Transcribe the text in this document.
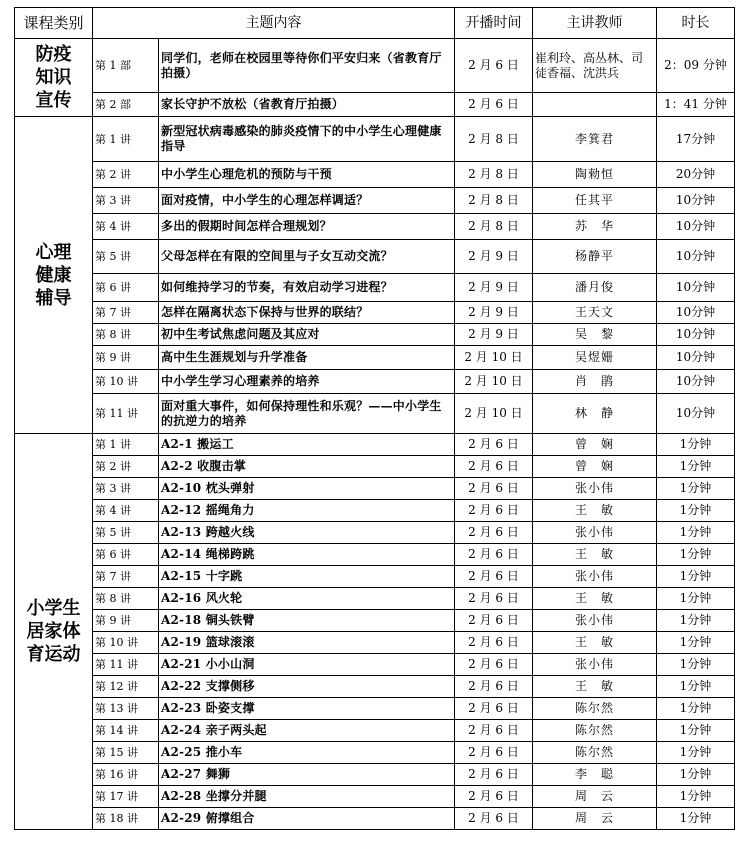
课程类别	主题内容		开播时间	主讲教师	时长

防疫知识宣传	第 1 部	同学们，老师在校园里等待你们平安归来（省教育厅拍摄）	2 月 6 日	崔利玲、高丛林、司徒香福、沈洪兵	2：09 分钟
	第 2 部	家长守护不放松（省教育厅拍摄）	2 月 6 日		1：41 分钟

心理健康辅导	第 1 讲	新型冠状病毒感染的肺炎疫情下的中小学生心理健康指导	2 月 8 日	李箕君	17分钟
	第 2 讲	中小学生心理危机的预防与干预	2 月 8 日	陶勑恒	20分钟
	第 3 讲	面对疫情，中小学生的心理怎样调适？	2 月 8 日	任其平	10分钟
	第 4 讲	多出的假期时间怎样合理规划？	2 月 8 日	苏　华	10分钟
	第 5 讲	父母怎样在有限的空间里与子女互动交流？	2 月 9 日	杨静平	10分钟
	第 6 讲	如何维持学习的节奏，有效启动学习进程？	2 月 9 日	潘月俊	10分钟
	第 7 讲	怎样在隔离状态下保持与世界的联结？	2 月 9 日	王天文	10分钟
	第 8 讲	初中生考试焦虑问题及其应对	2 月 9 日	吴　黎	10分钟
	第 9 讲	高中生生涯规划与升学准备	2 月 10 日	吴煜姗	10分钟
	第 10 讲	中小学生学习心理素养的培养	2 月 10 日	肖　鹃	10分钟
	第 11 讲	面对重大事件，如何保持理性和乐观？——中小学生的抗逆力的培养	2 月 10 日	林　静	10分钟

小学生居家体育运动	第 1 讲	A2-1 搬运工	2 月 6 日	曾　娴	1分钟
	第 2 讲	A2-2 收腹击掌	2 月 6 日	曾　娴	1分钟
	第 3 讲	A2-10 枕头弹射	2 月 6 日	张小伟	1分钟
	第 4 讲	A2-12 摇绳角力	2 月 6 日	王　敏	1分钟
	第 5 讲	A2-13 跨越火线	2 月 6 日	张小伟	1分钟
	第 6 讲	A2-14 绳梯跨跳	2 月 6 日	王　敏	1分钟
	第 7 讲	A2-15 十字跳	2 月 6 日	张小伟	1分钟
	第 8 讲	A2-16 风火轮	2 月 6 日	王　敏	1分钟
	第 9 讲	A2-18 铜头铁臂	2 月 6 日	张小伟	1分钟
	第 10 讲	A2-19 篮球滚滚	2 月 6 日	王　敏	1分钟
	第 11 讲	A2-21 小小山洞	2 月 6 日	张小伟	1分钟
	第 12 讲	A2-22 支撑侧移	2 月 6 日	王　敏	1分钟
	第 13 讲	A2-23 卧姿支撑	2 月 6 日	陈尔然	1分钟
	第 14 讲	A2-24 亲子两头起	2 月 6 日	陈尔然	1分钟
	第 15 讲	A2-25 推小车	2 月 6 日	陈尔然	1分钟
	第 16 讲	A2-27 舞狮	2 月 6 日	李　聪	1分钟
	第 17 讲	A2-28 坐撑分并腿	2 月 6 日	周　云	1分钟
	第 18 讲	A2-29 俯撑组合	2 月 6 日	周　云	1分钟
